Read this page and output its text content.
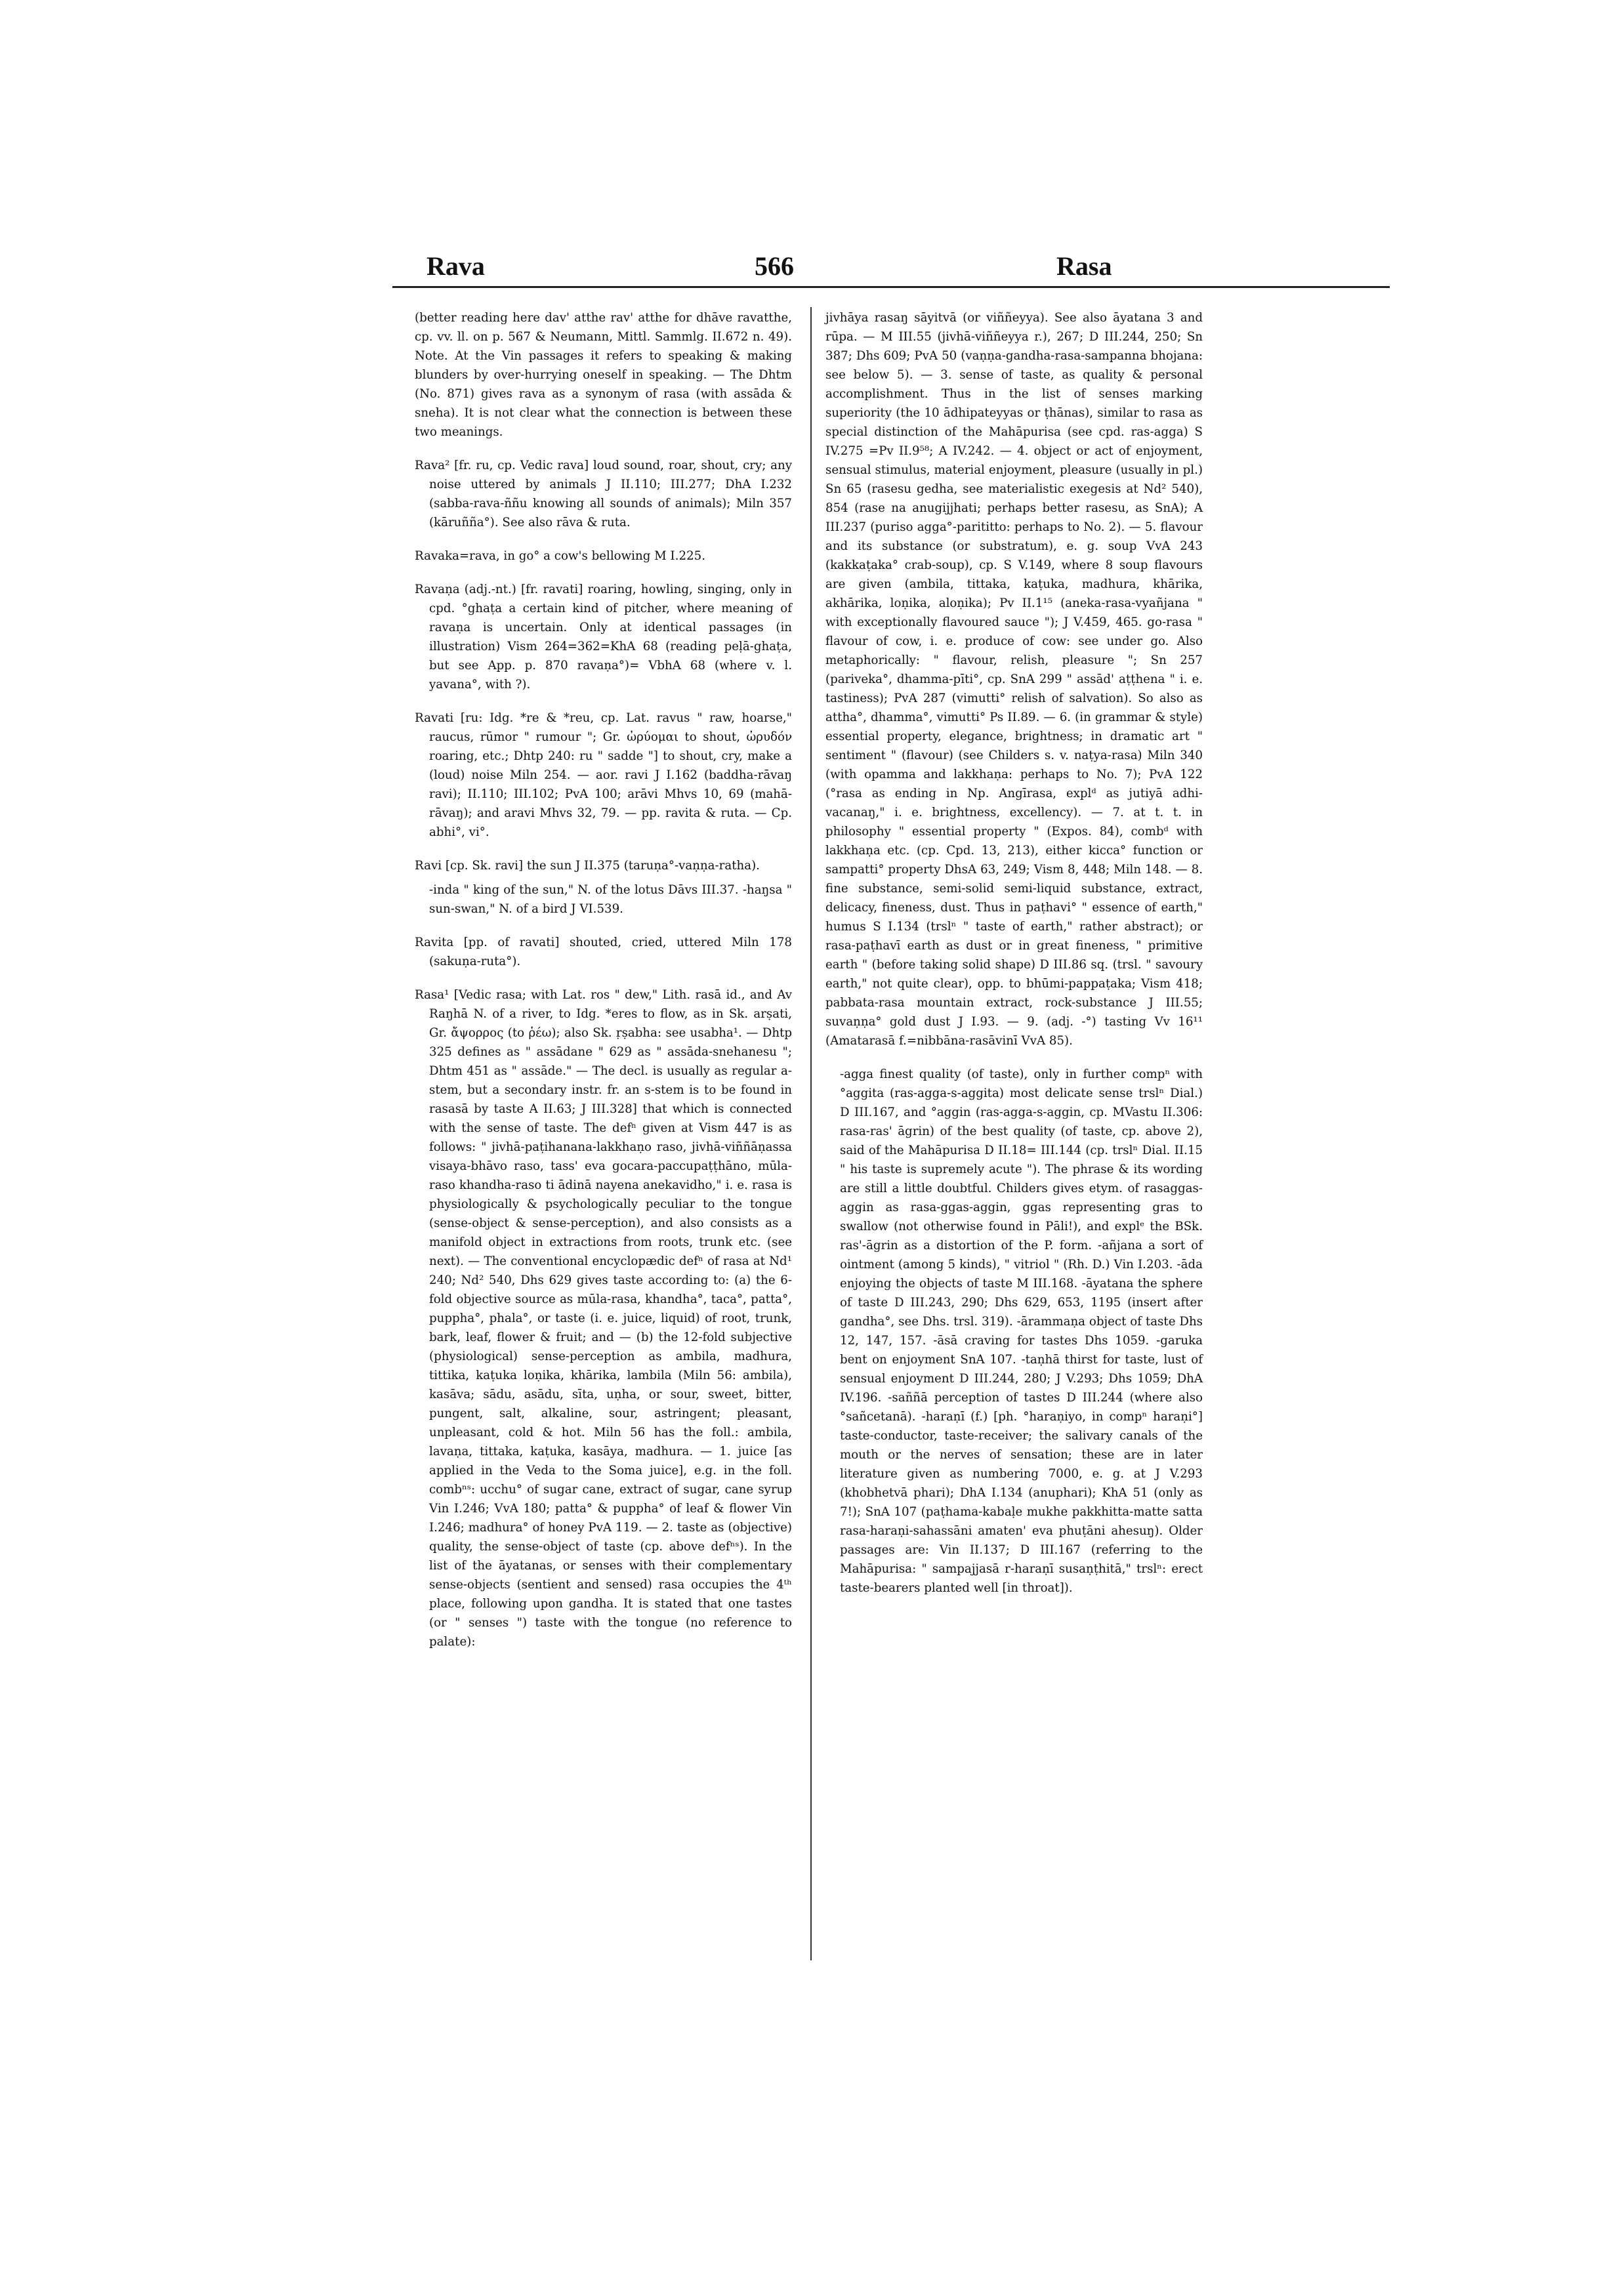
Rava	566	Rasa

(better reading here dav' atthe rav' atthe for dhāve ravatthe, cp. vv. ll. on p. 567 & Neumann, Mittl. Sammlg. II.672 n. 49). Note. At the Vin passages it refers to speaking & making blunders by over-hurrying oneself in speaking. — The Dhtm (No. 871) gives rava as a synonym of rasa (with assāda & sneha). It is not clear what the connection is between these two meanings.

Rava² [fr. ru, cp. Vedic rava] loud sound, roar, shout, cry; any noise uttered by animals J II.110; III.277; DhA I.232 (sabba-rava-ññu knowing all sounds of animals); Miln 357 (kāruñña°). See also rāva & ruta.

Ravaka=rava, in go° a cow's bellowing M I.225.

Ravaṇa (adj.-nt.) [fr. ravati] roaring, howling, singing, only in cpd. °ghaṭa a certain kind of pitcher, where meaning of ravaṇa is uncertain. Only at identical passages (in illustration) Vism 264=362=KhA 68 (reading peḷā-ghaṭa, but see App. p. 870 ravaṇa°)= VbhA 68 (where v. l. yavana°, with ?).

Ravati [ru: Idg. *re & *reu, cp. Lat. ravus " raw, hoarse," raucus, rūmor " rumour "; Gr. ὠρύομαι to shout, ὠρυδόν roaring, etc.; Dhtp 240: ru " sadde "] to shout, cry, make a (loud) noise Miln 254. — aor. ravi J I.162 (baddha-rāvaŋ ravi); II.110; III.102; PvA 100; arāvi Mhvs 10, 69 (mahā-rāvaŋ); and aravi Mhvs 32, 79. — pp. ravita & ruta. — Cp. abhi°, vi°.

Ravi [cp. Sk. ravi] the sun J II.375 (taruṇa°-vaṇṇa-ratha).

-inda " king of the sun," N. of the lotus Dāvs III.37. -haŋsa " sun-swan," N. of a bird J VI.539.

Ravita [pp. of ravati] shouted, cried, uttered Miln 178 (sakuṇa-ruta°).

Rasa¹ [Vedic rasa; with Lat. ros " dew," Lith. rasā id., and Av Raŋhā N. of a river, to Idg. *eres to flow, as in Sk. arṣati, Gr. ἄψορρος (to ῥέω); also Sk. ṛṣabha: see usabha¹. — Dhtp 325 defines as " assādane " 629 as " assāda-snehanesu "; Dhtm 451 as " assāde." — The decl. is usually as regular a-stem, but a secondary instr. fr. an s-stem is to be found in rasasā by taste A II.63; J III.328] that which is connected with the sense of taste. The defⁿ given at Vism 447 is as follows: " jivhā-paṭihanana-lakkhaṇo raso, jivhā-viññāṇassa visaya-bhāvo raso, tass' eva gocara-paccupaṭṭhāno, mūla-raso khandha-raso ti ādinā nayena anekavidho," i. e. rasa is physiologically & psychologically peculiar to the tongue (sense-object & sense-perception), and also consists as a manifold object in extractions from roots, trunk etc. (see next). — The conventional encyclopædic defⁿ of rasa at Nd¹ 240; Nd² 540, Dhs 629 gives taste according to: (a) the 6-fold objective source as mūla-rasa, khandha°, taca°, patta°, puppha°, phala°, or taste (i. e. juice, liquid) of root, trunk, bark, leaf, flower & fruit; and — (b) the 12-fold subjective (physiological) sense-perception as ambila, madhura, tittika, kaṭuka loṇika, khārika, lambila (Miln 56: ambila), kasāva; sādu, asādu, sīta, uṇha, or sour, sweet, bitter, pungent, salt, alkaline, sour, astringent; pleasant, unpleasant, cold & hot. Miln 56 has the foll.: ambila, lavaṇa, tittaka, kaṭuka, kasāya, madhura. — 1. juice [as applied in the Veda to the Soma juice], e.g. in the foll. combⁿˢ: ucchu° of sugar cane, extract of sugar, cane syrup Vin I.246; VvA 180; patta° & puppha° of leaf & flower Vin I.246; madhura° of honey PvA 119. — 2. taste as (objective) quality, the sense-object of taste (cp. above defⁿˢ). In the list of the āyatanas, or senses with their complementary sense-objects (sentient and sensed) rasa occupies the 4ᵗʰ place, following upon gandha. It is stated that one tastes (or " senses ") taste with the tongue (no reference to palate):

jivhāya rasaŋ sāyitvā (or viññeyya). See also āyatana 3 and rūpa. — M III.55 (jivhā-viññeyya r.), 267; D III.244, 250; Sn 387; Dhs 609; PvA 50 (vaṇṇa-gandha-rasa-sampanna bhojana: see below 5). — 3. sense of taste, as quality & personal accomplishment. Thus in the list of senses marking superiority (the 10 ādhipateyyas or ṭhānas), similar to rasa as special distinction of the Mahāpurisa (see cpd. ras-agga) S IV.275 =Pv II.9⁵⁸; A IV.242. — 4. object or act of enjoyment, sensual stimulus, material enjoyment, pleasure (usually in pl.) Sn 65 (rasesu gedha, see materialistic exegesis at Nd² 540), 854 (rase na anugijjhati; perhaps better rasesu, as SnA); A III.237 (puriso agga°-parititto: perhaps to No. 2). — 5. flavour and its substance (or substratum), e. g. soup VvA 243 (kakkaṭaka° crab-soup), cp. S V.149, where 8 soup flavours are given (ambila, tittaka, kaṭuka, madhura, khārika, akhārika, loṇika, aloṇika); Pv II.1¹⁵ (aneka-rasa-vyañjana " with exceptionally flavoured sauce "); J V.459, 465. go-rasa " flavour of cow, i. e. produce of cow: see under go. Also metaphorically: " flavour, relish, pleasure "; Sn 257 (pariveka°, dhamma-pīti°, cp. SnA 299 " assād' aṭṭhena " i. e. tastiness); PvA 287 (vimutti° relish of salvation). So also as attha°, dhamma°, vimutti° Ps II.89. — 6. (in grammar & style) essential property, elegance, brightness; in dramatic art " sentiment " (flavour) (see Childers s. v. naṭya-rasa) Miln 340 (with opamma and lakkhaṇa: perhaps to No. 7); PvA 122 (°rasa as ending in Np. Angīrasa, explᵈ as jutiyā adhi-vacanaŋ," i. e. brightness, excellency). — 7. at t. t. in philosophy " essential property " (Expos. 84), combᵈ with lakkhaṇa etc. (cp. Cpd. 13, 213), either kicca° function or sampatti° property DhsA 63, 249; Vism 8, 448; Miln 148. — 8. fine substance, semi-solid semi-liquid substance, extract, delicacy, fineness, dust. Thus in paṭhavi° " essence of earth," humus S I.134 (trslⁿ " taste of earth," rather abstract); or rasa-paṭhavī earth as dust or in great fineness, " primitive earth " (before taking solid shape) D III.86 sq. (trsl. " savoury earth," not quite clear), opp. to bhūmi-pappaṭaka; Vism 418; pabbata-rasa mountain extract, rock-substance J III.55; suvaṇṇa° gold dust J I.93. — 9. (adj. -°) tasting Vv 16¹¹ (Amatarasā f.=nibbāna-rasāvinī VvA 85).

-agga finest quality (of taste), only in further compⁿ with °aggita (ras-agga-s-aggita) most delicate sense trslⁿ Dial.) D III.167, and °aggin (ras-agga-s-aggin, cp. MVastu II.306: rasa-ras' āgrin) of the best quality (of taste, cp. above 2), said of the Mahāpurisa D II.18= III.144 (cp. trslⁿ Dial. II.15 " his taste is supremely acute "). The phrase & its wording are still a little doubtful. Childers gives etym. of rasaggas-aggin as rasa-ggas-aggin, ggas representing gras to swallow (not otherwise found in Pāli!), and explᵉ the BSk. ras'-āgrin as a distortion of the P. form. -añjana a sort of ointment (among 5 kinds), " vitriol " (Rh. D.) Vin I.203. -āda enjoying the objects of taste M III.168. -āyatana the sphere of taste D III.243, 290; Dhs 629, 653, 1195 (insert after gandha°, see Dhs. trsl. 319). -ārammaṇa object of taste Dhs 12, 147, 157. -āsā craving for tastes Dhs 1059. -garuka bent on enjoyment SnA 107. -taṇhā thirst for taste, lust of sensual enjoyment D III.244, 280; J V.293; Dhs 1059; DhA IV.196. -saññā perception of tastes D III.244 (where also °sañcetanā). -haraṇī (f.) [ph. °haraṇiyo, in compⁿ haraṇi°] taste-conductor, taste-receiver; the salivary canals of the mouth or the nerves of sensation; these are in later literature given as numbering 7000, e. g. at J V.293 (khobhetvā phari); DhA I.134 (anuphari); KhA 51 (only as 7!); SnA 107 (paṭhama-kabaḷe mukhe pakkhitta-matte satta rasa-haraṇi-sahassāni amaten' eva phuṭāni ahesuŋ). Older passages are: Vin II.137; D III.167 (referring to the Mahāpurisa: " sampajjasā r-haraṇī susaṇṭhitā," trslⁿ: erect taste-bearers planted well [in throat]).
